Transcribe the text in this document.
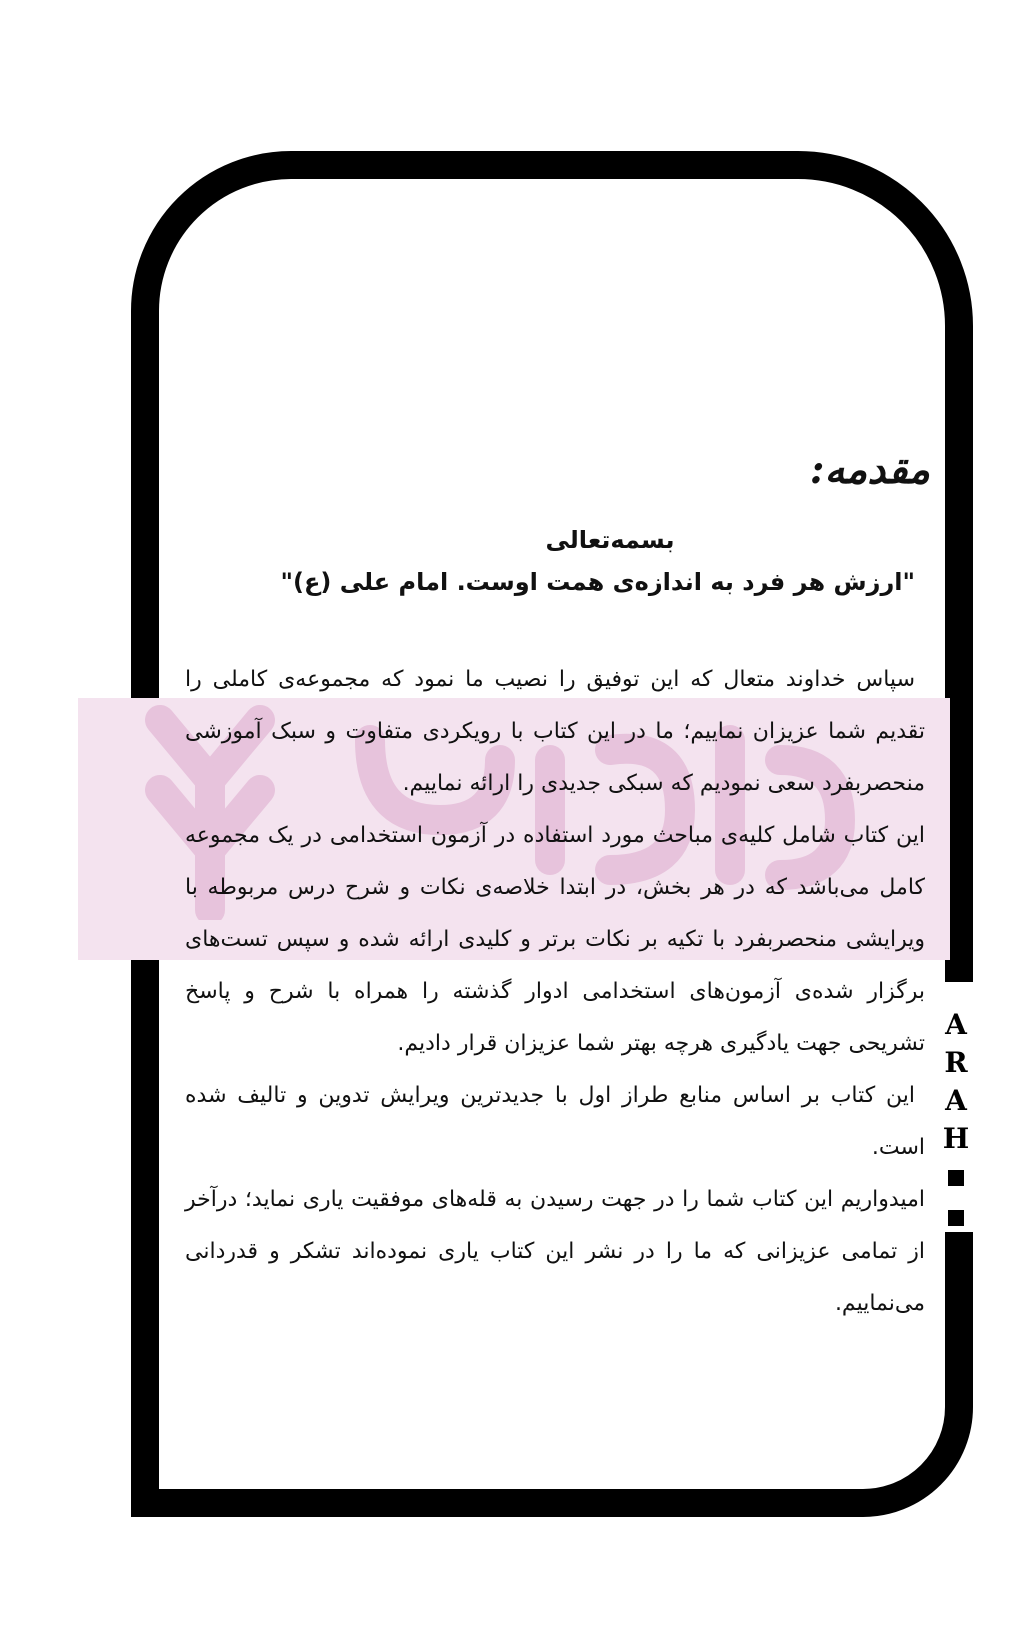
A
R
A
H
مقدمه:
بسمه‌تعالی
"ارزش هر فرد به اندازه‌ی همت اوست. امام علی (ع)"

سپاس خداوند متعال که این توفیق را نصیب ما نمود که مجموعه‌ی کاملی را تقدیم شما عزیزان نماییم؛ ما در این کتاب با رویکردی متفاوت و سبک آموزشی منحصربفرد سعی نمودیم که سبکی جدیدی را ارائه نماییم.

این کتاب شامل کلیه‌ی مباحث مورد استفاده در آزمون استخدامی در یک مجموعه کامل می‌باشد که در هر بخش، در ابتدا خلاصه‌ی نکات و شرح درس مربوطه با ویرایشی منحصربفرد با تکیه بر نکات برتر و کلیدی ارائه شده و سپس تست‌های برگزار شده‌ی آزمون‌های استخدامی ادوار گذشته را همراه با شرح و پاسخ تشریحی جهت یادگیری هرچه بهتر شما عزیزان قرار دادیم.

این کتاب بر اساس منابع طراز اول با جدیدترین ویرایش تدوین و تالیف شده است.

امیدواریم این کتاب شما را در جهت رسیدن به قله‌های موفقیت یاری نماید؛ درآخر از تمامی عزیزانی که ما را در نشر این کتاب یاری نموده‌اند تشکر و قدردانی می‌نماییم.
